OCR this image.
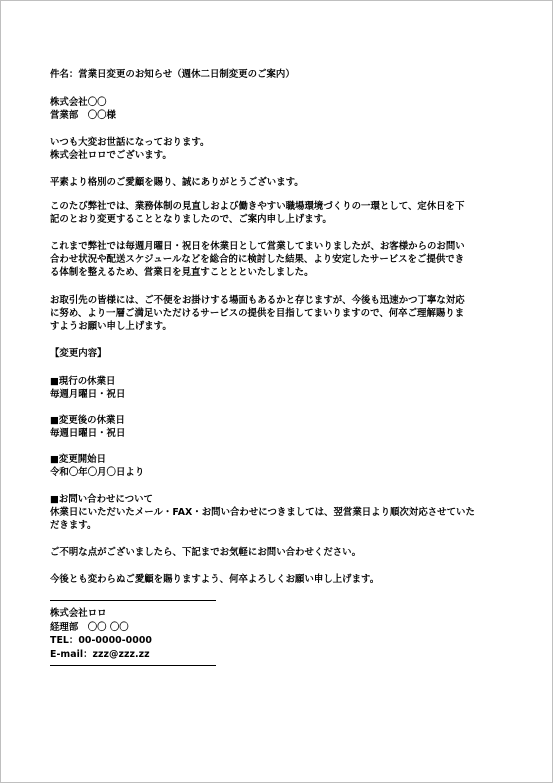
件名：営業日変更のお知らせ（週休二日制変更のご案内）
株式会社〇〇
営業部　〇〇様
いつも大変お世話になっております。
株式会社ロロでございます。
平素より格別のご愛顧を賜り、誠にありがとうございます。
このたび弊社では、業務体制の見直しおよび働きやすい職場環境づくりの一環として、定休日を下
記のとおり変更することとなりましたので、ご案内申し上げます。
これまで弊社では毎週月曜日・祝日を休業日として営業してまいりましたが、お客様からのお問い
合わせ状況や配送スケジュールなどを総合的に検討した結果、より安定したサービスをご提供でき
る体制を整えるため、営業日を見直すこととといたしました。
お取引先の皆様には、ご不便をお掛けする場面もあるかと存じますが、今後も迅速かつ丁寧な対応
に努め、より一層ご満足いただけるサービスの提供を目指してまいりますので、何卒ご理解賜りま
すようお願い申し上げます。
【変更内容】
■現行の休業日
毎週月曜日・祝日
■変更後の休業日
毎週日曜日・祝日
■変更開始日
令和〇年〇月〇日より
■お問い合わせについて
休業日にいただいたメール・FAX・お問い合わせにつきましては、翌営業日より順次対応させていた
だきます。
ご不明な点がございましたら、下記までお気軽にお問い合わせください。
今後とも変わらぬご愛顧を賜りますよう、何卒よろしくお願い申し上げます。
株式会社ロロ
経理部　〇〇 〇〇
TEL：00-0000-0000
E-mail：zzz@zzz.zz
